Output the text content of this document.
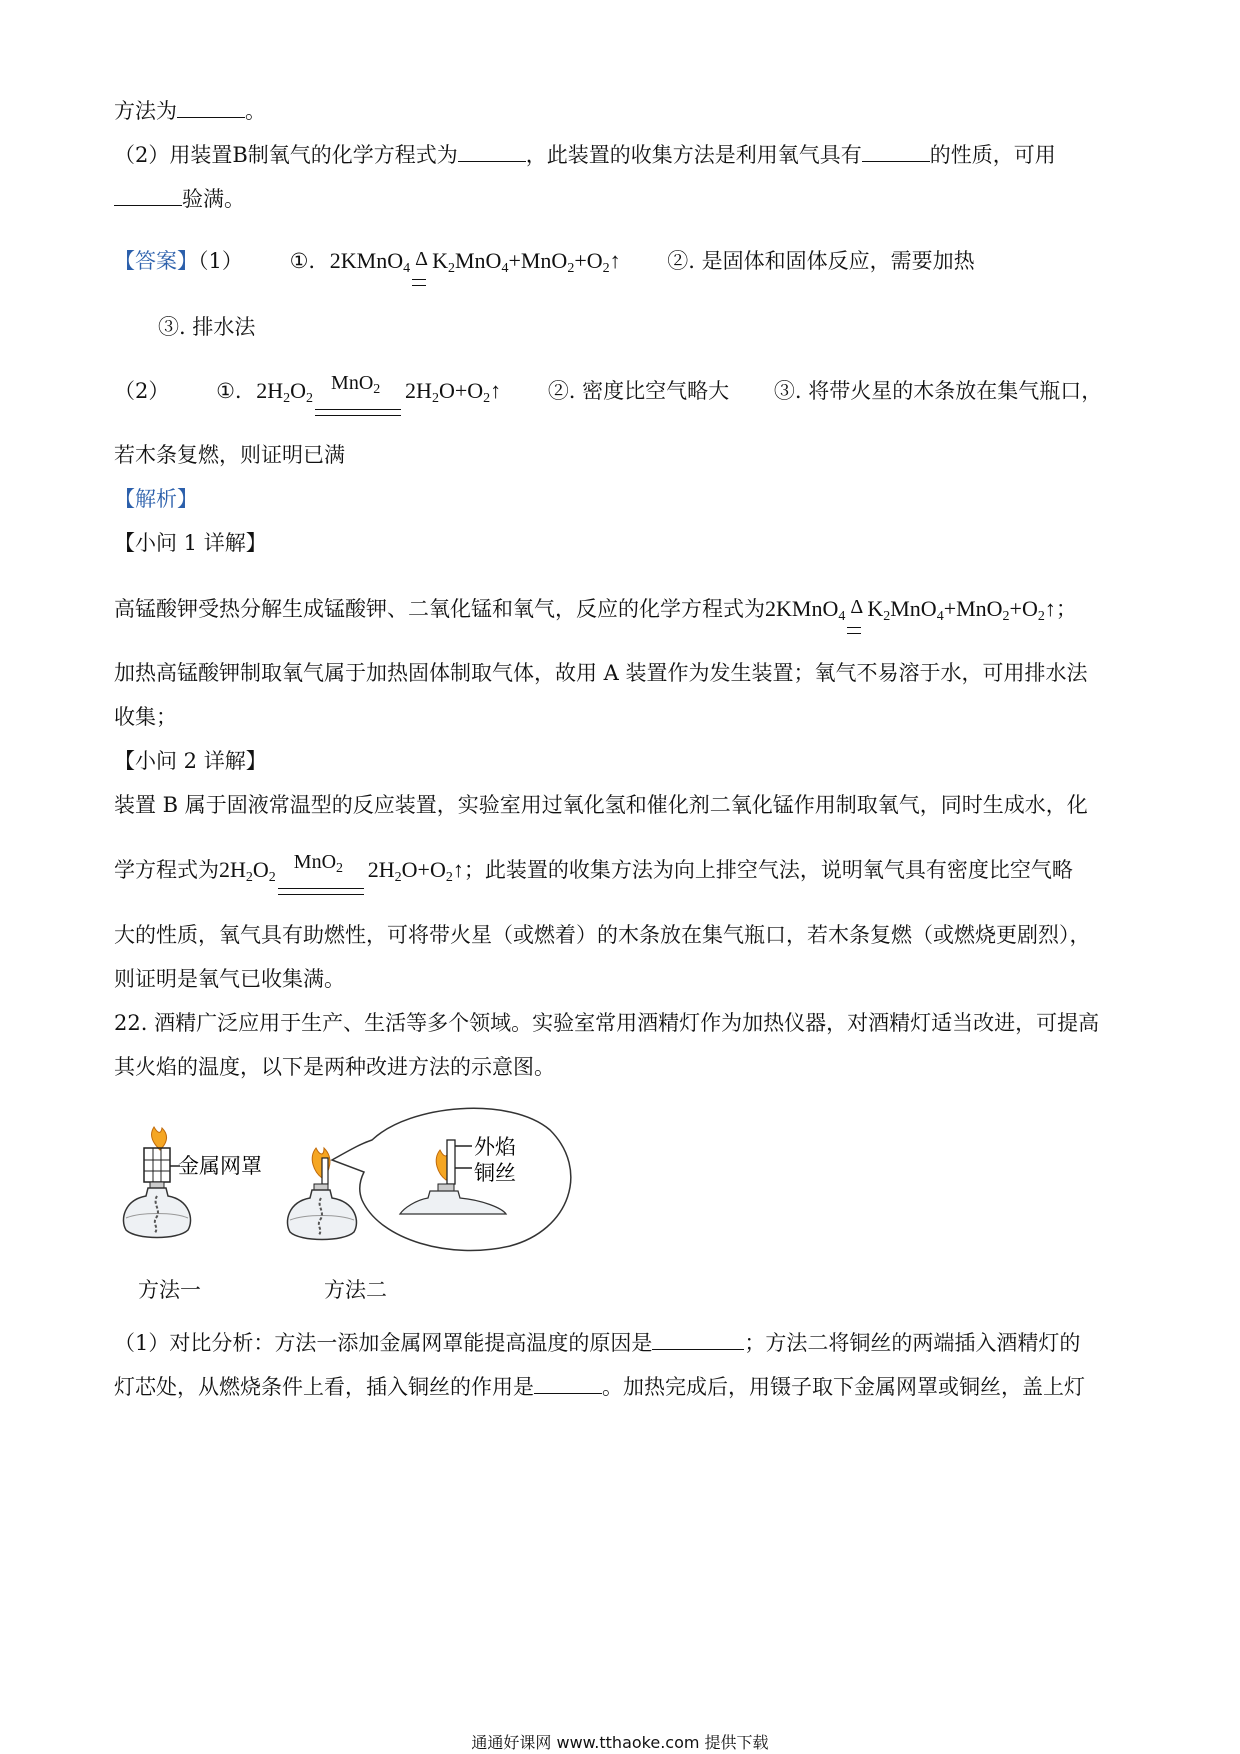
方法为	。
（2）用装置B制氧气的化学方程式为	，此装置的收集方法是利用氧气具有	的性质，可用
验满。
【答案】（1） ①. 2KMnO$_4$ Δ $K_2MnO_4+MnO_2+O_2↑$ ②. 是固体和固体反应，需要加热
③. 排水法
（2） ①. $2H_2O_2$
MnO$_2$ $2H_2O+O_2↑$ ②. 密度比空气略大 ③. 将带火星的木条放在集气瓶口，
若木条复燃，则证明已满
【解析】
【小问 1 详解】
高锰酸钾受热分解生成锰酸钾、二氧化锰和氧气，反应的化学方程式为2KMnO$_4$ Δ $K_2MnO_4+MnO_2+O_2↑$；
加热高锰酸钾制取氧气属于加热固体制取气体，故用 A 装置作为发生装置；氧气不易溶于水，可用排水法
收集；
【小问 2 详解】
装置 B 属于固液常温型的反应装置，实验室用过氧化氢和催化剂二氧化锰作用制取氧气，同时生成水，化
学方程式为$2H_2O_2$
MnO$_2$ $2H_2O+O_2↑$；此装置的收集方法为向上排空气法，说明氧气具有密度比空气略
大的性质，氧气具有助燃性，可将带火星（或燃着）的木条放在集气瓶口，若木条复燃（或燃烧更剧烈），
则证明是氧气已收集满。
22. 酒精广泛应用于生产、生活等多个领域。实验室常用酒精灯作为加热仪器，对酒精灯适当改进，可提高
其火焰的温度，以下是两种改进方法的示意图。
金属网罩
外焰
铜丝
方法一	方法二
（1）对比分析：方法一添加金属网罩能提高温度的原因是	；方法二将铜丝的两端插入酒精灯的
灯芯处，从燃烧条件上看，插入铜丝的作用是	。加热完成后，用镊子取下金属网罩或铜丝，盖上灯
通通好课网 www.tthaoke.com 提供下载
